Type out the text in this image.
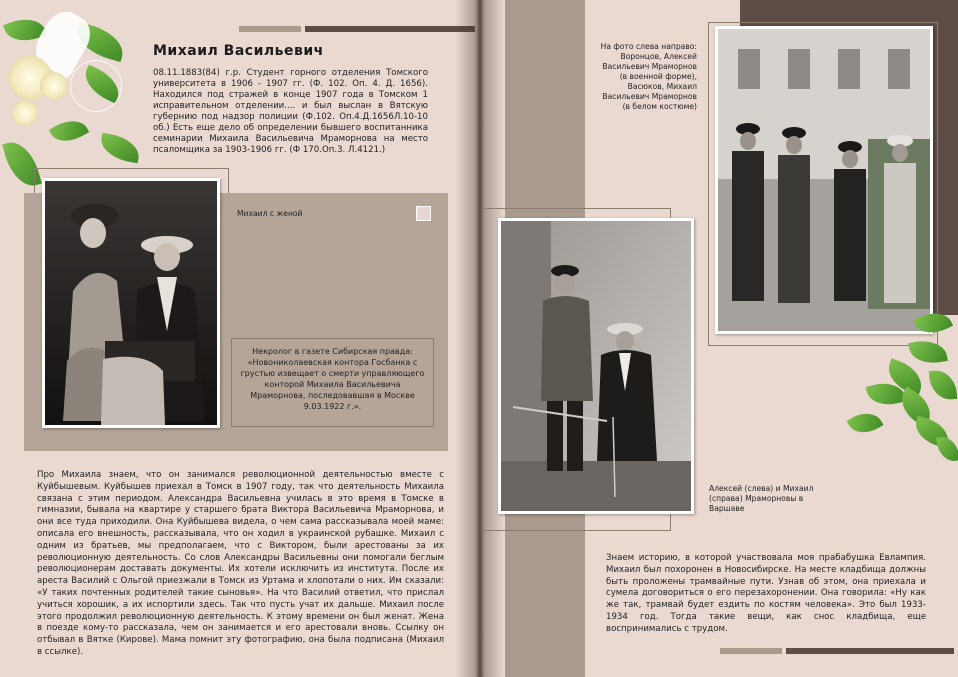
Михаил Васильевич
08.11.1883(84) г.р. Студент горного отделения Томского университета в 1906 - 1907 гг. (Ф. 102. Оп. 4. Д. 1656). Находился под стражей в конце 1907 года в Томском 1 исправительном отделении.... и был выслан в Вятскую губернию под надзор полиции (Ф.102. Оп.4.Д.1656Л.10-10 об.) Есть еще дело об определении бывшего воспитанника семинарии Михаила Васильевича Мраморнова на место псаломщика за 1903-1906 гг. (Ф 170.Оп.3. Л.4121.)
Михаил с женой
Некролог в газете Сибирская правда: «Новониколаевская контора Госбанка с грустью извещает о смерти управляющего конторой Михаила Васильевича Мраморнова, последовавшая в Москве 9.03.1922 г.».
Про Михаила знаем, что он занимался революционной деятельностью вместе с Куйбышевым. Куйбышев приехал в Томск в 1907 году, так что деятельность Михаила связана с этим периодом. Александра Васильевна училась в это время в Томске в гимназии, бывала на квартире у старшего брата Виктора Васильевича Мраморнова, и они все туда приходили. Она Куйбышева видела, о чем сама рассказывала моей маме: описала его внешность, рассказывала, что он ходил в украинской рубашке. Михаил с одним из братьев, мы предполагаем, что с Виктором, были арестованы за их революционную деятельность. Со слов Александры Васильевны они помогали беглым революционерам доставать документы. Их хотели исключить из института. После их ареста Василий с Ольгой приезжали в Томск из Уртама и хлопотали о них. Им сказали: «У таких почтенных родителей такие сыновья». На что Василий ответил, что прислал учиться хорошик, а их испортили здесь. Так что пусть учат их дальше. Михаил после этого продолжил революционную деятельность. К этому времени он был женат. Жена в поезде кому-то рассказала, чем он занимается и его арестовали вновь. Ссылку он отбывал в Вятке (Кирове). Мама помнит эту фотографию, она была подписана (Михаил в ссылке).
На фото слева направо: Воронцов, Алексей Васильевич Мраморнов (в военной форме), Васюков, Михаил Васильевич Мраморнов (в белом костюме)
Алексей (слева) и Михаил (справа) Мраморновы в Варшаве
Знаем историю, в которой участвовала моя прабабушка Евлампия. Михаил был похоронен в Новосибирске. На месте кладбища должны быть проложены трамвайные пути. Узнав об этом, она приехала и сумела договориться о его перезахоронении. Она говорила: «Ну как же так, трамвай будет ездить по костям человека». Это был 1933-1934 год. Тогда такие вещи, как снос кладбища, еще воспринимались с трудом.
